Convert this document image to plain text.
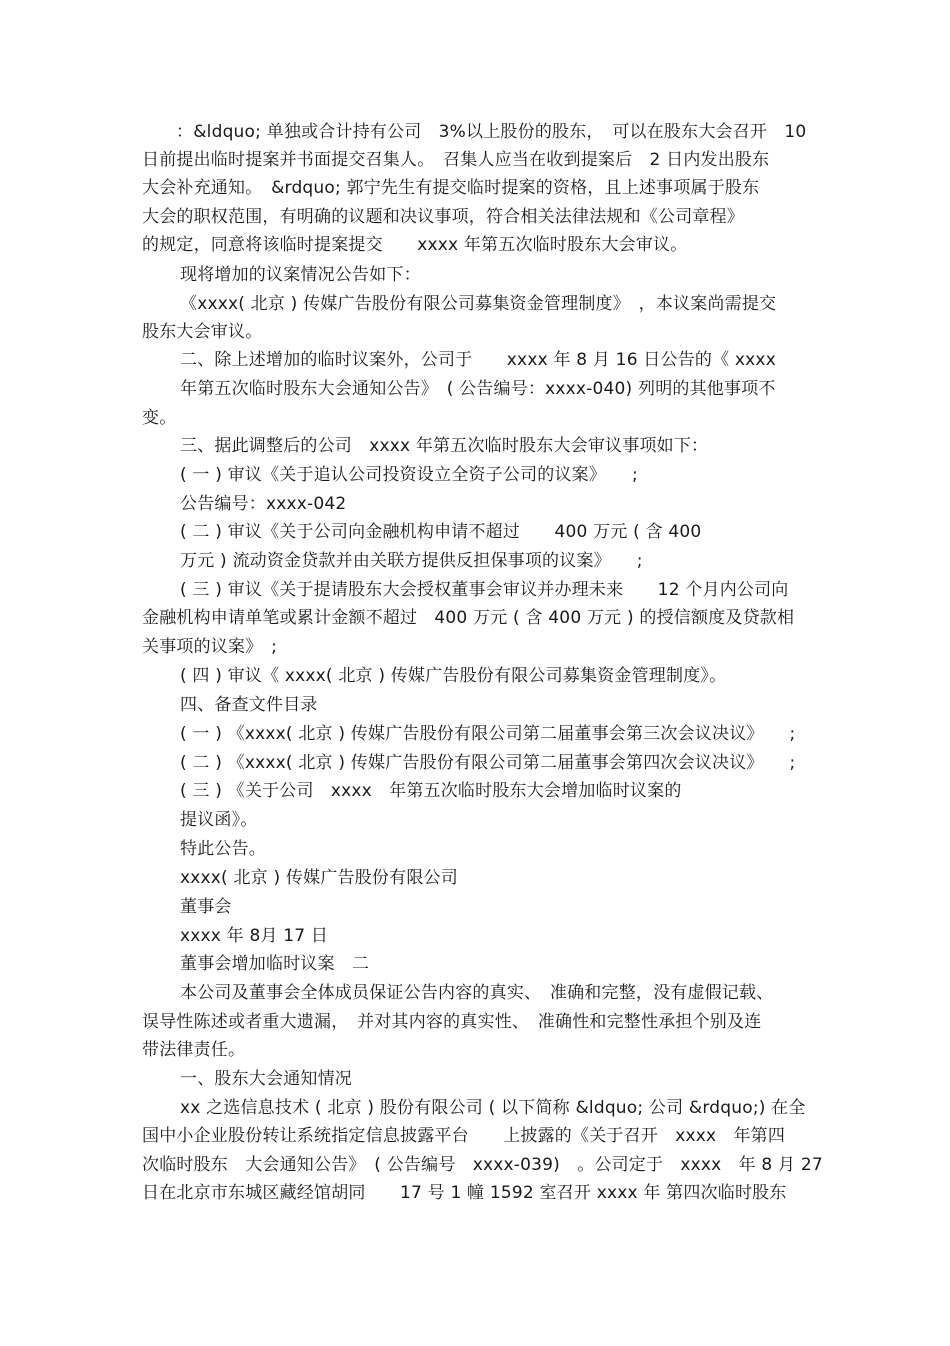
：&ldquo; 单独或合计持有公司　3%以上股份的股东，　可以在股东大会召开　10

日前提出临时提案并书面提交召集人。　召集人应当在收到提案后　2 日内发出股东

大会补充通知。　&rdquo; 郭宁先生有提交临时提案的资格，且上述事项属于股东

大会的职权范围，有明确的议题和决议事项，符合相关法律法规和《公司章程》

的规定，同意将该临时提案提交　　xxxx 年第五次临时股东大会审议。

现将增加的议案情况公告如下：

《xxxx( 北京 ) 传媒广告股份有限公司募集资金管理制度》　，本议案尚需提交

股东大会审议。

二、除上述增加的临时议案外，公司于　　xxxx 年 8 月 16 日公告的《 xxxx

年第五次临时股东大会通知公告》　( 公告编号：xxxx-040) 列明的其他事项不

变。

三、据此调整后的公司　xxxx 年第五次临时股东大会审议事项如下：

( 一 ) 审议《关于追认公司投资设立全资子公司的议案》　　;

公告编号：xxxx-042

( 二 ) 审议《关于公司向金融机构申请不超过　　400 万元 ( 含 400

万元 ) 流动资金贷款并由关联方提供反担保事项的议案》　　;

( 三 ) 审议《关于提请股东大会授权董事会审议并办理未来　　12 个月内公司向

金融机构申请单笔或累计金额不超过　400 万元 ( 含 400 万元 ) 的授信额度及贷款相

关事项的议案》　;

( 四 ) 审议《 xxxx( 北京 ) 传媒广告股份有限公司募集资金管理制度》。

四、备查文件目录

( 一 ) 《xxxx( 北京 ) 传媒广告股份有限公司第二届董事会第三次会议决议》　　;

( 二 ) 《xxxx( 北京 ) 传媒广告股份有限公司第二届董事会第四次会议决议》　　;

( 三 ) 《关于公司　xxxx　年第五次临时股东大会增加临时议案的

提议函》。

特此公告。

xxxx( 北京 ) 传媒广告股份有限公司

董事会

xxxx 年 8月 17 日

董事会增加临时议案　二

本公司及董事会全体成员保证公告内容的真实、　准确和完整，没有虚假记载、

误导性陈述或者重大遗漏，　并对其内容的真实性、　准确性和完整性承担个别及连

带法律责任。

一、股东大会通知情况

xx 之选信息技术 ( 北京 ) 股份有限公司 ( 以下简称 &ldquo; 公司 &rdquo;) 在全

国中小企业股份转让系统指定信息披露平台　　上披露的《关于召开　xxxx　年第四

次临时股东　大会通知公告》　( 公告编号　xxxx-039)　。公司定于　xxxx　年 8 月 27

日在北京市东城区藏经馆胡同　　17 号 1 幢 1592 室召开 xxxx 年 第四次临时股东
